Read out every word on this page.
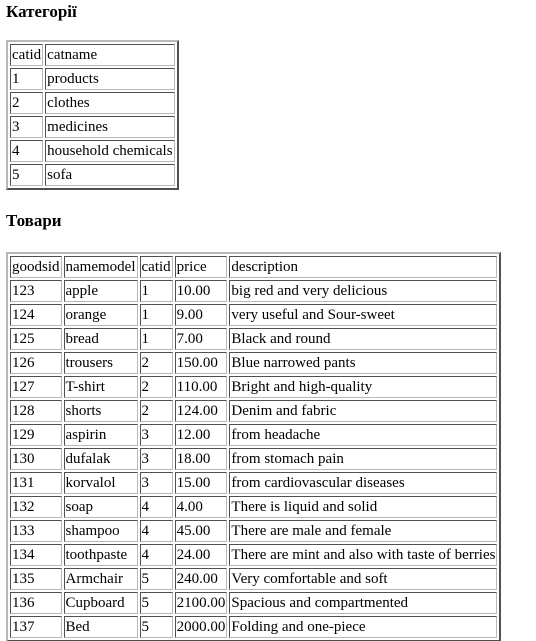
Категорії
catid	catname
1	products
2	clothes
3	medicines
4	household chemicals
5	sofa
Товари
goodsid	namemodel	catid	price	description
123	apple	1	10.00	big red and very delicious
124	orange	1	9.00	very useful and Sour-sweet
125	bread	1	7.00	Black and round
126	trousers	2	150.00	Blue narrowed pants
127	T-shirt	2	110.00	Bright and high-quality
128	shorts	2	124.00	Denim and fabric
129	aspirin	3	12.00	from headache
130	dufalak	3	18.00	from stomach pain
131	korvalol	3	15.00	from cardiovascular diseases
132	soap	4	4.00	There is liquid and solid
133	shampoo	4	45.00	There are male and female
134	toothpaste	4	24.00	There are mint and also with taste of berries
135	Armchair	5	240.00	Very comfortable and soft
136	Cupboard	5	2100.00	Spacious and compartmented
137	Bed	5	2000.00	Folding and one-piece
